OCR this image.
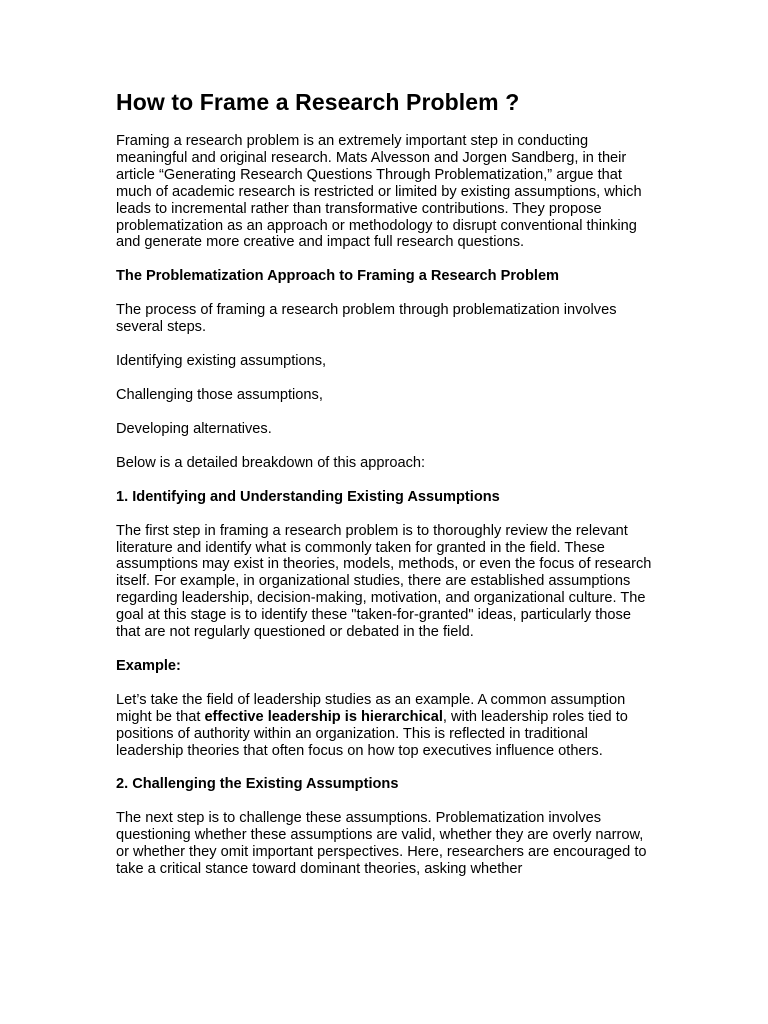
How to Frame a Research Problem ?

Framing a research problem is an extremely important step in conducting meaningful and original research. Mats Alvesson and Jorgen Sandberg, in their article “Generating Research Questions Through Problematization,” argue that much of academic research is restricted or limited by existing assumptions, which leads to incremental rather than transformative contributions. They propose problematization as an approach or methodology to disrupt conventional thinking and generate more creative and impact full research questions.

The Problematization Approach to Framing a Research Problem

The process of framing a research problem through problematization involves several steps.

Identifying existing assumptions,

Challenging those assumptions,

Developing alternatives.

Below is a detailed breakdown of this approach:

1. Identifying and Understanding Existing Assumptions

The first step in framing a research problem is to thoroughly review the relevant literature and identify what is commonly taken for granted in the field. These assumptions may exist in theories, models, methods, or even the focus of research itself. For example, in organizational studies, there are established assumptions regarding leadership, decision-making, motivation, and organizational culture. The goal at this stage is to identify these "taken-for-granted" ideas, particularly those that are not regularly questioned or debated in the field.

Example:

Let’s take the field of leadership studies as an example. A common assumption might be that effective leadership is hierarchical, with leadership roles tied to positions of authority within an organization. This is reflected in traditional leadership theories that often focus on how top executives influence others.

2. Challenging the Existing Assumptions

The next step is to challenge these assumptions. Problematization involves questioning whether these assumptions are valid, whether they are overly narrow, or whether they omit important perspectives. Here, researchers are encouraged to take a critical stance toward dominant theories, asking whether
